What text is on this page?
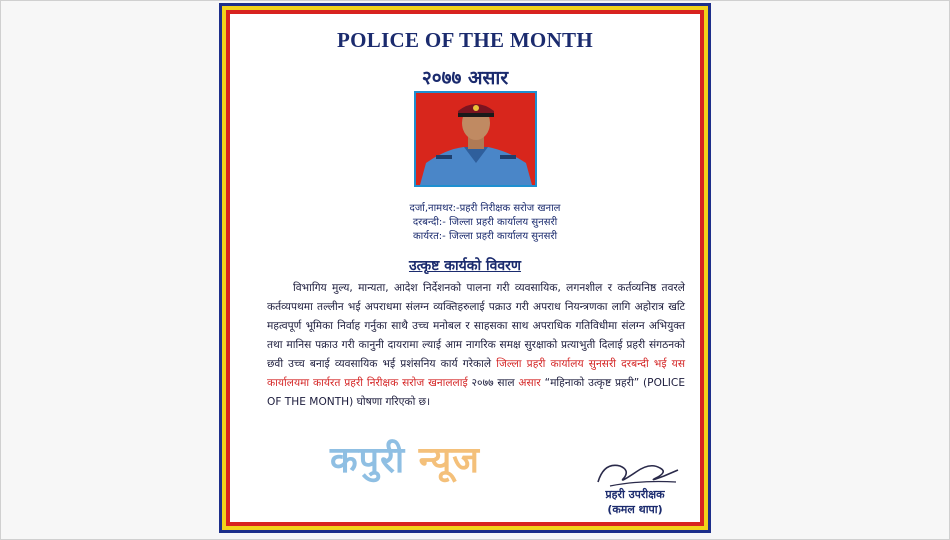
POLICE OF THE MONTH
२०७७ असार
दर्जा,नामथर:-प्रहरी निरीक्षक सरोज खनाल
दरबन्दी:- जिल्ला प्रहरी कार्यालय सुनसरी
कार्यरत:- जिल्ला प्रहरी कार्यालय सुनसरी
उत्कृष्ट कार्यको विवरण

विभागिय मुल्य, मान्यता, आदेश निर्देशनको पालना गरी व्यवसायिक, लगनशील र कर्तव्यनिष्ठ तवरले कर्तव्यपथमा तल्लीन भई अपराधमा संलग्न व्यक्तिहरुलाई पक्राउ गरी अपराध नियन्त्रणका लागि अहोरात्र खटि महत्वपूर्ण भूमिका निर्वाह गर्नुका साथै उच्च मनोबल र साहसका साथ अपराधिक गतिविधीमा संलग्न अभियुक्त तथा मानिस पक्राउ गरी कानुनी दायरामा ल्याई आम नागरिक समक्ष सुरक्षाको प्रत्याभुती दिलाई प्रहरी संगठनको छवी उच्च बनाई व्यवसायिक भई प्रशंसनिय कार्य गरेकाले जिल्ला प्रहरी कार्यालय सुनसरी दरबन्दी भई यस कार्यालयमा कार्यरत प्रहरी निरीक्षक सरोज खनाललाई २०७७ साल असार “महिनाको उत्कृष्ट प्रहरी” (POLICE OF THE MONTH) घोषणा गरिएको छ।

कपुरी न्यूज
प्रहरी उपरीक्षक
(कमल थापा)
